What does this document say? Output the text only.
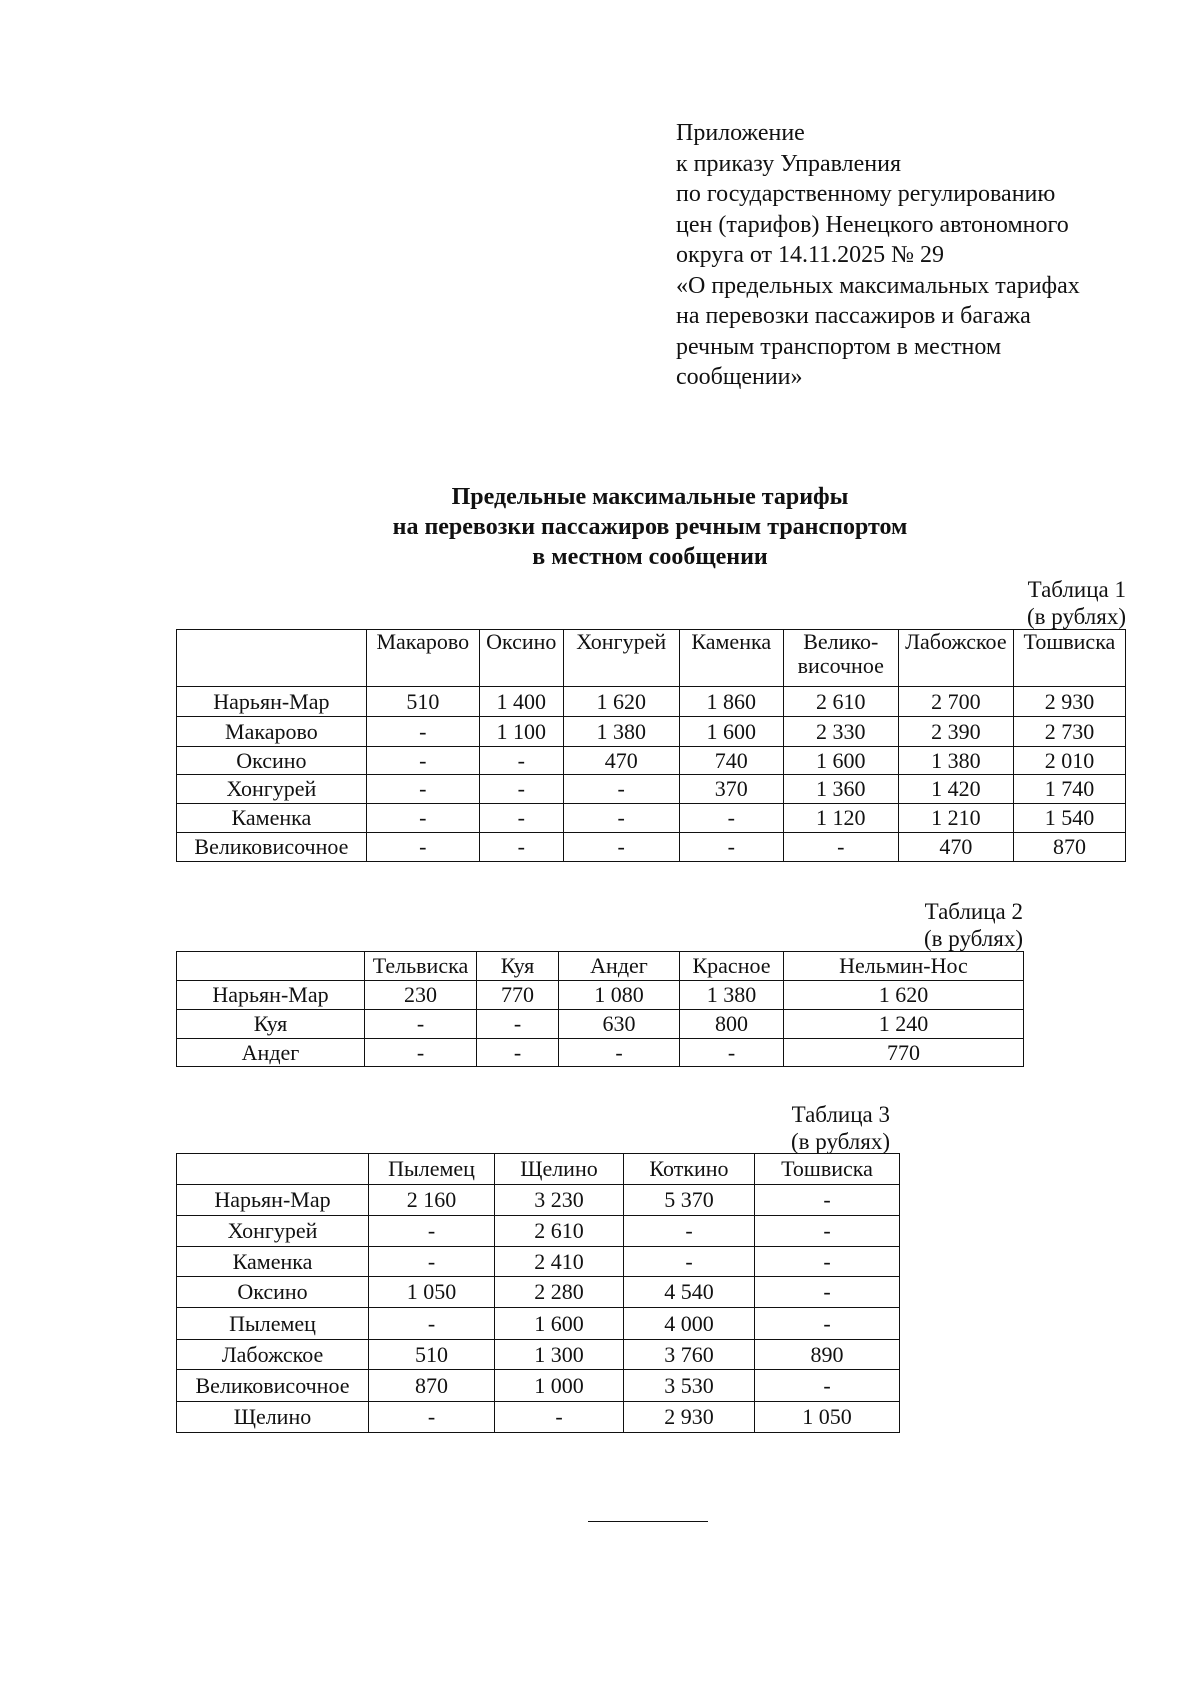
Приложение
к приказу Управления
по государственному регулированию
цен (тарифов) Ненецкого автономного
округа от 14.11.2025 № 29
«О предельных максимальных тарифах
на перевозки пассажиров и багажа
речным транспортом в местном
сообщении»
Предельные максимальные тарифы
на перевозки пассажиров речным транспортом
в местном сообщении
Таблица 1
(в рублях)
	Макарово	Оксино	Хонгурей	Каменка	Велико-
височное	Лабожское	Тошвиска
Нарьян-Мар	510	1 400	1 620	1 860	2 610	2 700	2 930
Макарово	-	1 100	1 380	1 600	2 330	2 390	2 730
Оксино	-	-	470	740	1 600	1 380	2 010
Хонгурей	-	-	-	370	1 360	1 420	1 740
Каменка	-	-	-	-	1 120	1 210	1 540
Великовисочное	-	-	-	-	-	470	870
Таблица 2
(в рублях)
	Тельвиска	Куя	Андег	Красное	Нельмин-Нос
Нарьян-Мар	230	770	1 080	1 380	1 620
Куя	-	-	630	800	1 240
Андег	-	-	-	-	770
Таблица 3
(в рублях)
	Пылемец	Щелино	Коткино	Тошвиска
Нарьян-Мар	2 160	3 230	5 370	-
Хонгурей	-	2 610	-	-
Каменка	-	2 410	-	-
Оксино	1 050	2 280	4 540	-
Пылемец	-	1 600	4 000	-
Лабожское	510	1 300	3 760	890
Великовисочное	870	1 000	3 530	-
Щелино	-	-	2 930	1 050
